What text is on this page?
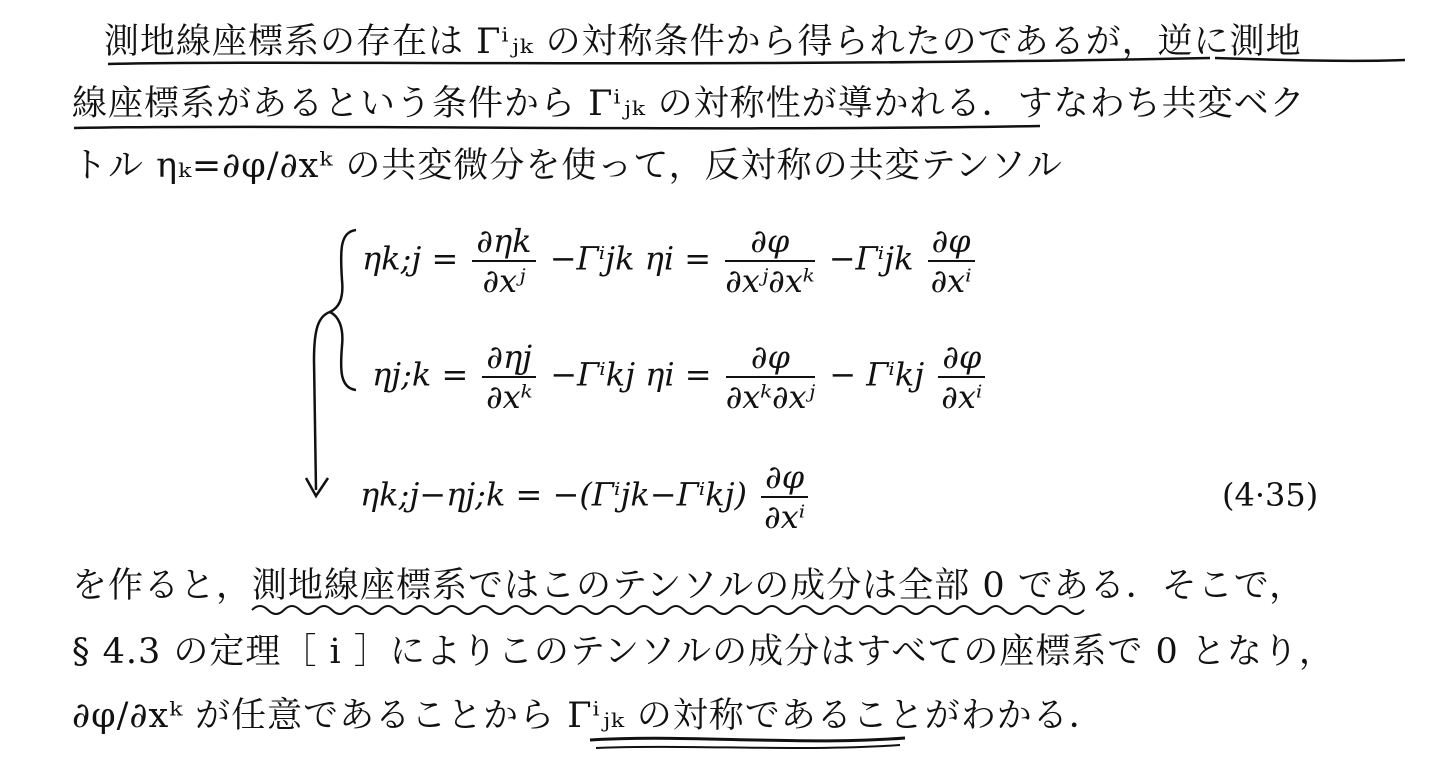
測地線座標系の存在は Γⁱⱼₖ の対称条件から得られたのであるが，逆に測地
線座標系があるという条件から Γⁱⱼₖ の対称性が導かれる．すなわち共変ベク
トル ηₖ=∂φ/∂xᵏ の共変微分を使って，反対称の共変テンソル
ηk;j = $\frac{\partial\eta k}{\text{∂xʲ}} -\Gamma^ijk$ $\eta i = \frac{\partial\varphi}{\text{∂xʲ∂xᵏ}} -\Gamma^ijk \frac{\partial\varphi}{\text{∂xⁱ}}$
ηj;k = $\frac{\partial\eta j}{\text{∂xᵏ}} -\Gamma^ikj$ $\eta i = \frac{\partial\varphi}{\text{∂xᵏ∂xʲ}} - \Gamma^ikj \frac{\partial\varphi}{\text{∂xⁱ}}$
ηk;j−ηj;k = $-(\Gamma^ijk-\Gamma^ikj) \frac{\partial\varphi}{\text{∂xⁱ}}$	(4·35)
を作ると，測地線座標系ではこのテンソルの成分は全部 0 である．そこで，
§ 4.3 の定理［ i ］によりこのテンソルの成分はすべての座標系で 0 となり，
∂φ/∂xᵏ が任意であることから Γⁱⱼₖ の対称であることがわかる．
